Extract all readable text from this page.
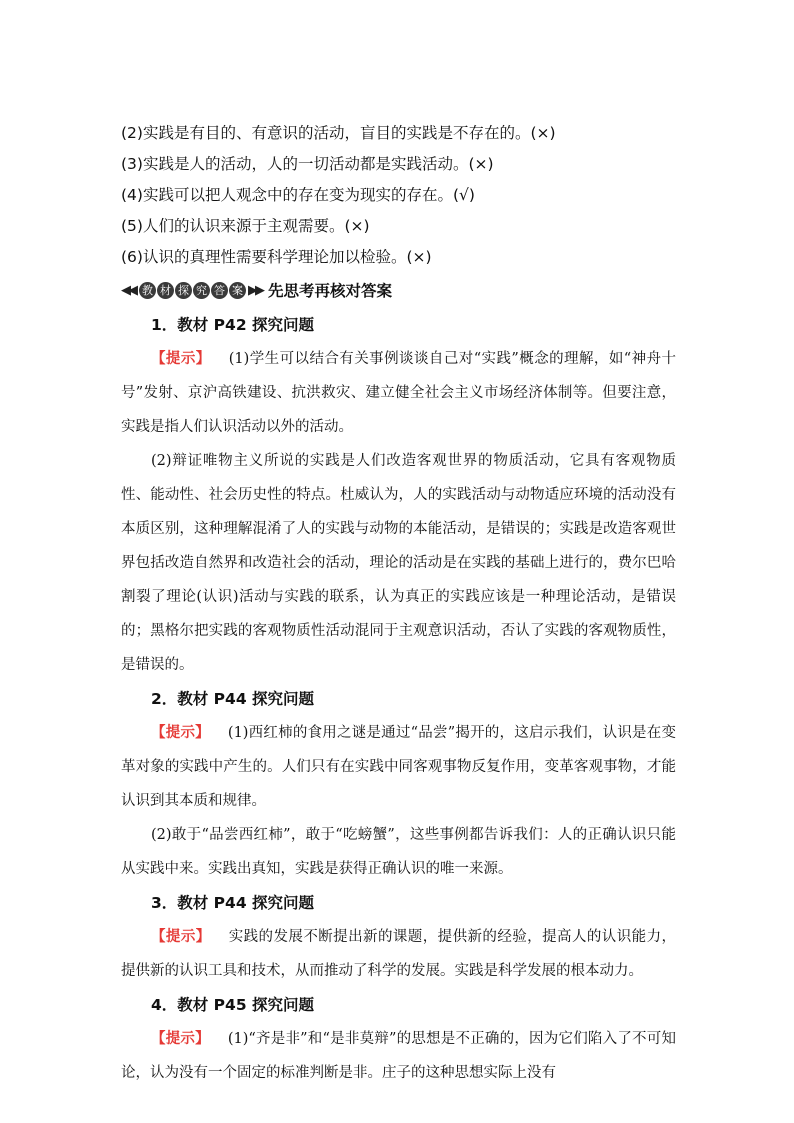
(2)实践是有目的、有意识的活动，盲目的实践是不存在的。(×)
(3)实践是人的活动，人的一切活动都是实践活动。(×)
(4)实践可以把人观念中的存在变为现实的存在。(√)
(5)人们的认识来源于主观需要。(×)
(6)认识的真理性需要科学理论加以检验。(×)
◀◀ 教 材 探 究 答 案 ▶▶ 先思考再核对答案
1．教材 P42 探究问题
【提示】 (1)学生可以结合有关事例谈谈自己对“实践”概念的理解，如“神舟十号”发射、京沪高铁建设、抗洪救灾、建立健全社会主义市场经济体制等。但要注意，实践是指人们认识活动以外的活动。
(2)辩证唯物主义所说的实践是人们改造客观世界的物质活动，它具有客观物质性、能动性、社会历史性的特点。杜威认为，人的实践活动与动物适应环境的活动没有本质区别，这种理解混淆了人的实践与动物的本能活动，是错误的；实践是改造客观世界包括改造自然界和改造社会的活动，理论的活动是在实践的基础上进行的，费尔巴哈割裂了理论(认识)活动与实践的联系，认为真正的实践应该是一种理论活动，是错误的；黑格尔把实践的客观物质性活动混同于主观意识活动，否认了实践的客观物质性，是错误的。
2．教材 P44 探究问题
【提示】 (1)西红柿的食用之谜是通过“品尝”揭开的，这启示我们，认识是在变革对象的实践中产生的。人们只有在实践中同客观事物反复作用，变革客观事物，才能认识到其本质和规律。
(2)敢于“品尝西红柿”，敢于“吃螃蟹”，这些事例都告诉我们：人的正确认识只能从实践中来。实践出真知，实践是获得正确认识的唯一来源。
3．教材 P44 探究问题
【提示】 实践的发展不断提出新的课题，提供新的经验，提高人的认识能力，提供新的认识工具和技术，从而推动了科学的发展。实践是科学发展的根本动力。
4．教材 P45 探究问题
【提示】 (1)“齐是非”和“是非莫辩”的思想是不正确的，因为它们陷入了不可知论，认为没有一个固定的标准判断是非。庄子的这种思想实际上没有
